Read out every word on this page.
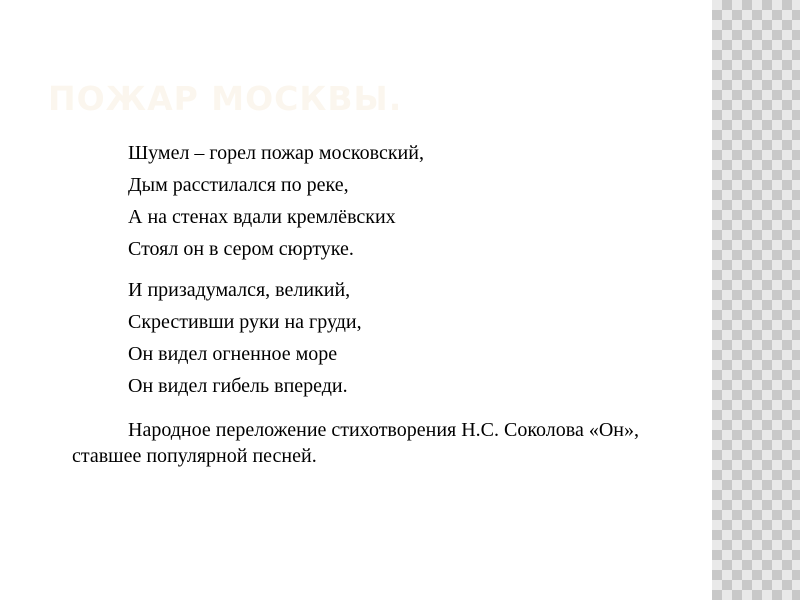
ПОЖАР МОСКВЫ.
Шумел – горел пожар московский,
Дым расстилался по реке,
А на стенах вдали кремлёвских
Стоял он в сером сюртуке.
И призадумался, великий,
Скрестивши руки на груди,
Он видел огненное море
Он видел гибель впереди.
Народное переложение стихотворения Н.С. Соколова «Он», ставшее популярной песней.
